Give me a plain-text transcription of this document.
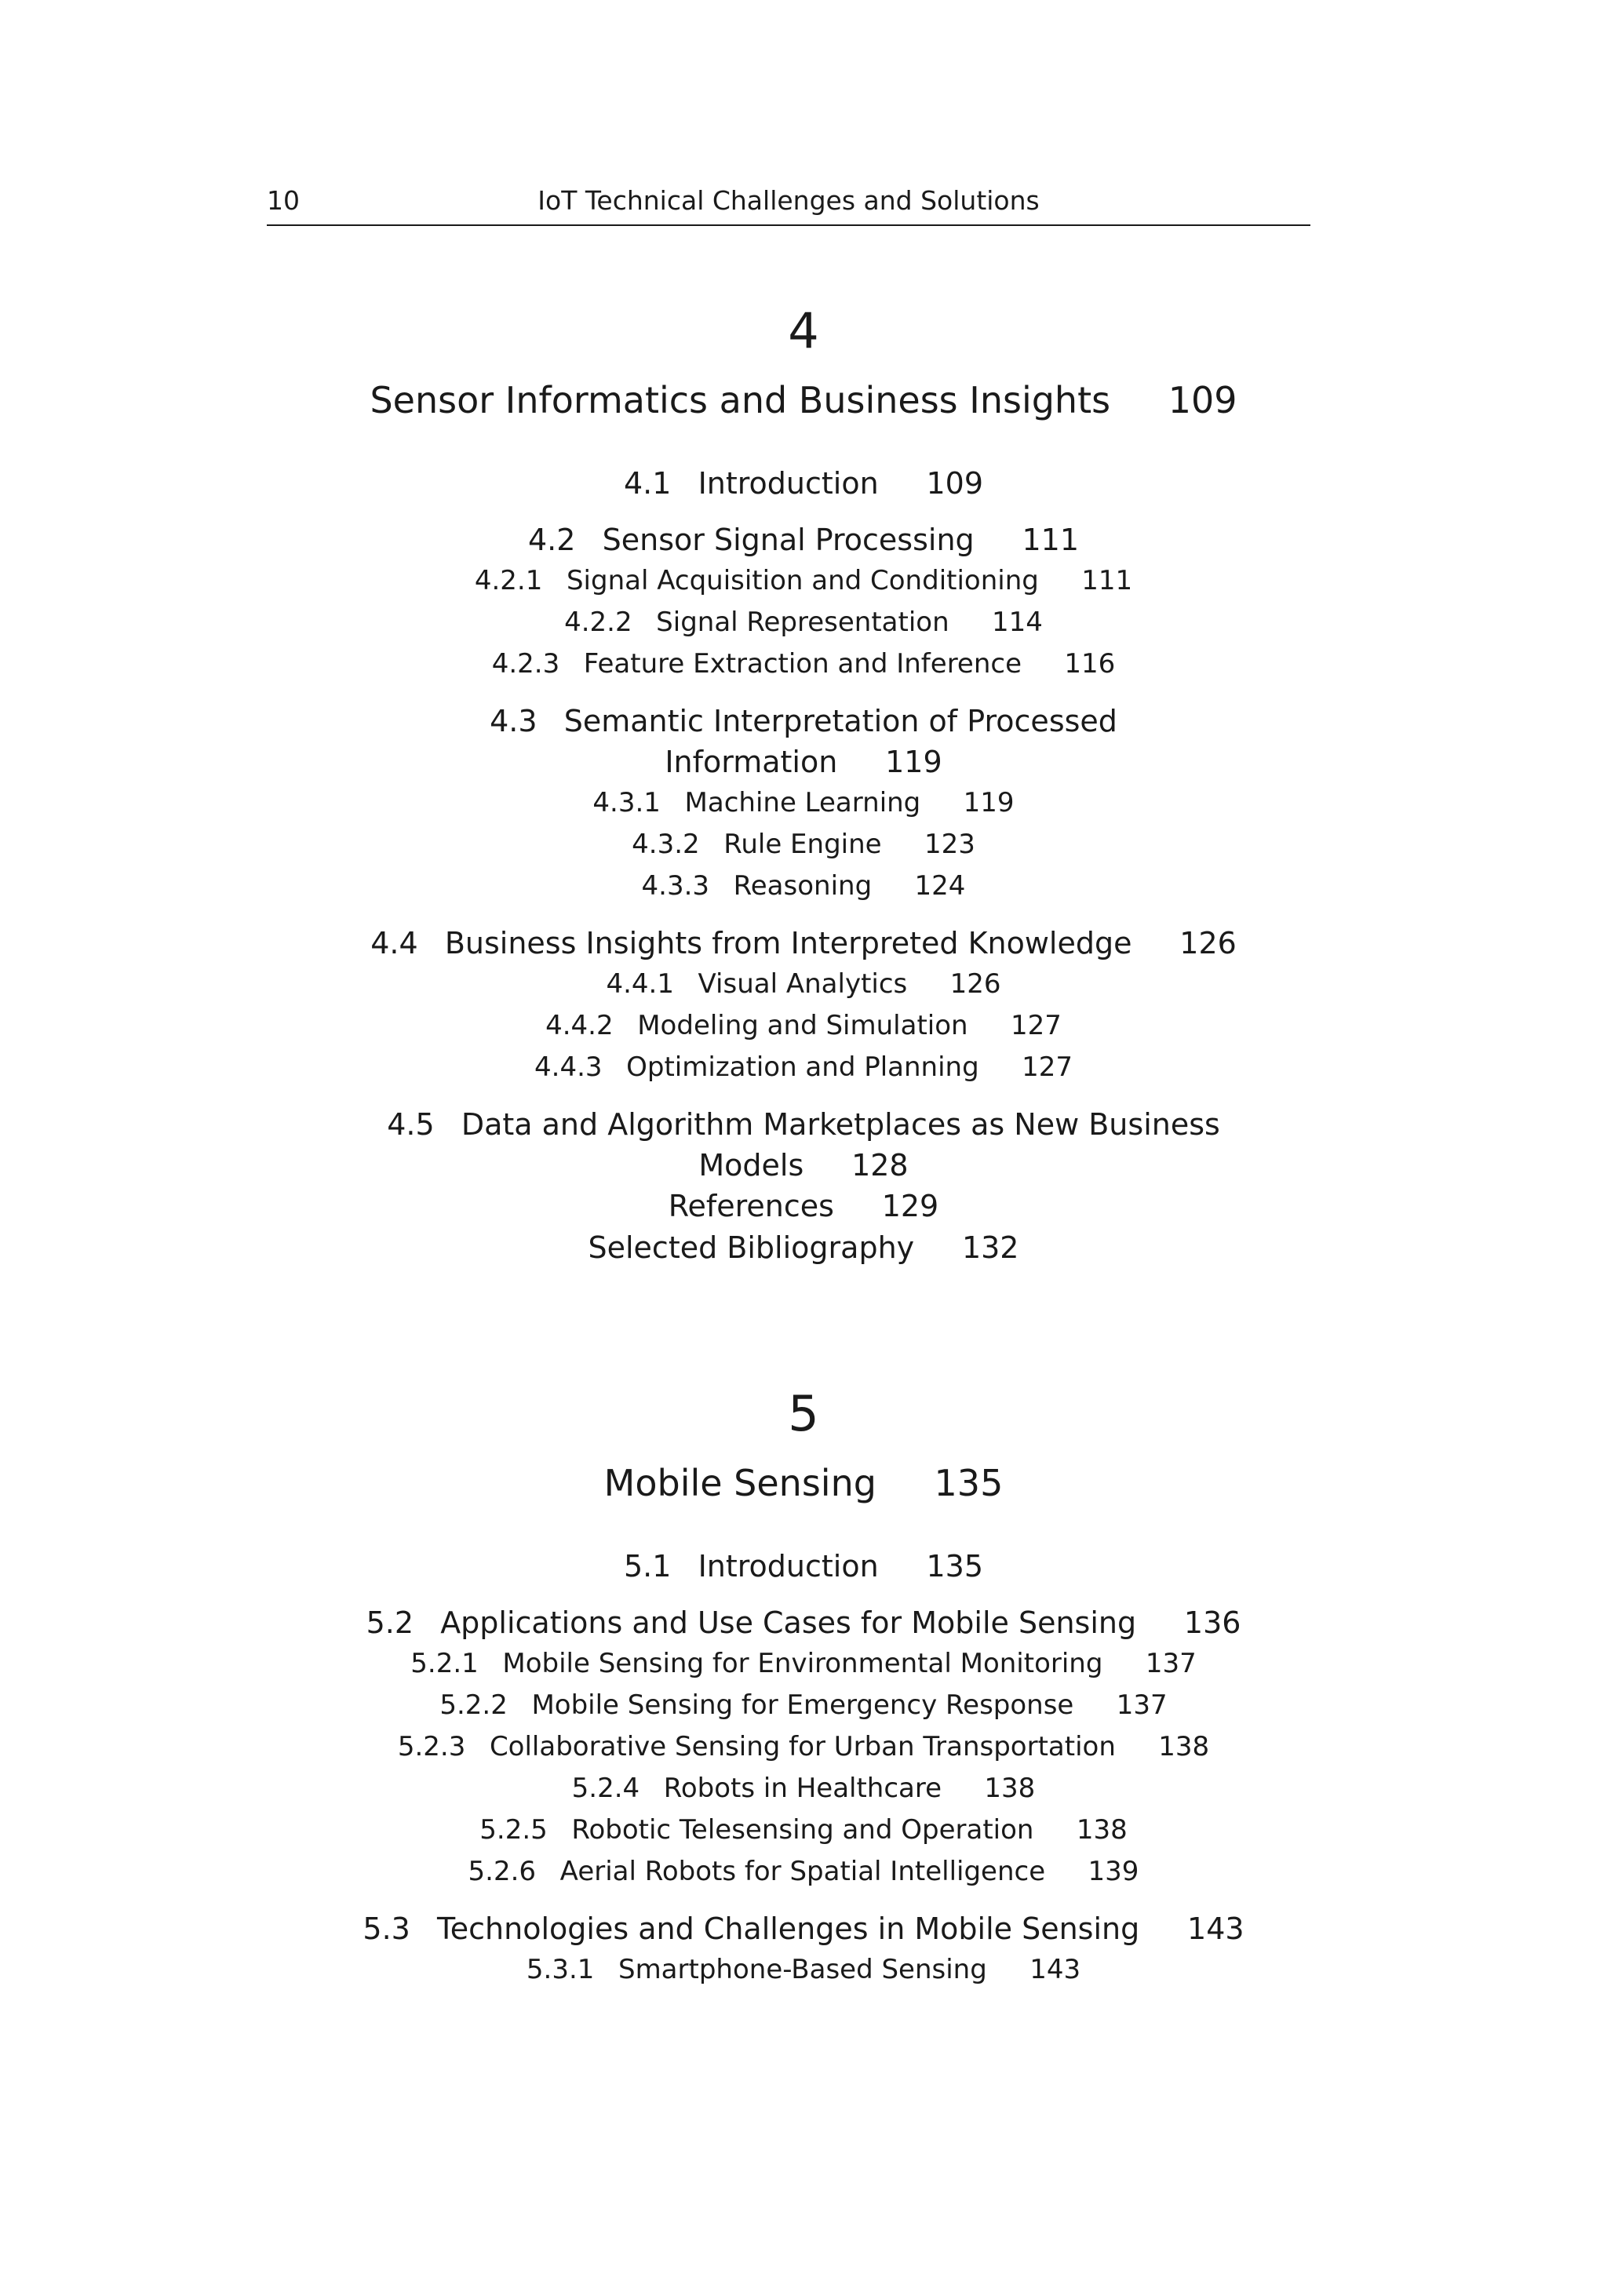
10	IoT Technical Challenges and Solutions
4
Sensor Informatics and Business Insights 109
4.1 Introduction 109
4.2 Sensor Signal Processing 111
4.2.1 Signal Acquisition and Conditioning 111
4.2.2 Signal Representation 114
4.2.3 Feature Extraction and Inference 116
4.3 Semantic Interpretation of Processed
Information 119
4.3.1 Machine Learning 119
4.3.2 Rule Engine 123
4.3.3 Reasoning 124
4.4 Business Insights from Interpreted Knowledge 126
4.4.1 Visual Analytics 126
4.4.2 Modeling and Simulation 127
4.4.3 Optimization and Planning 127
4.5 Data and Algorithm Marketplaces as New Business
Models 128
References 129
Selected Bibliography 132
5
Mobile Sensing 135
5.1 Introduction 135
5.2 Applications and Use Cases for Mobile Sensing 136
5.2.1 Mobile Sensing for Environmental Monitoring 137
5.2.2 Mobile Sensing for Emergency Response 137
5.2.3 Collaborative Sensing for Urban Transportation 138
5.2.4 Robots in Healthcare 138
5.2.5 Robotic Telesensing and Operation 138
5.2.6 Aerial Robots for Spatial Intelligence 139
5.3 Technologies and Challenges in Mobile Sensing 143
5.3.1 Smartphone-Based Sensing 143
